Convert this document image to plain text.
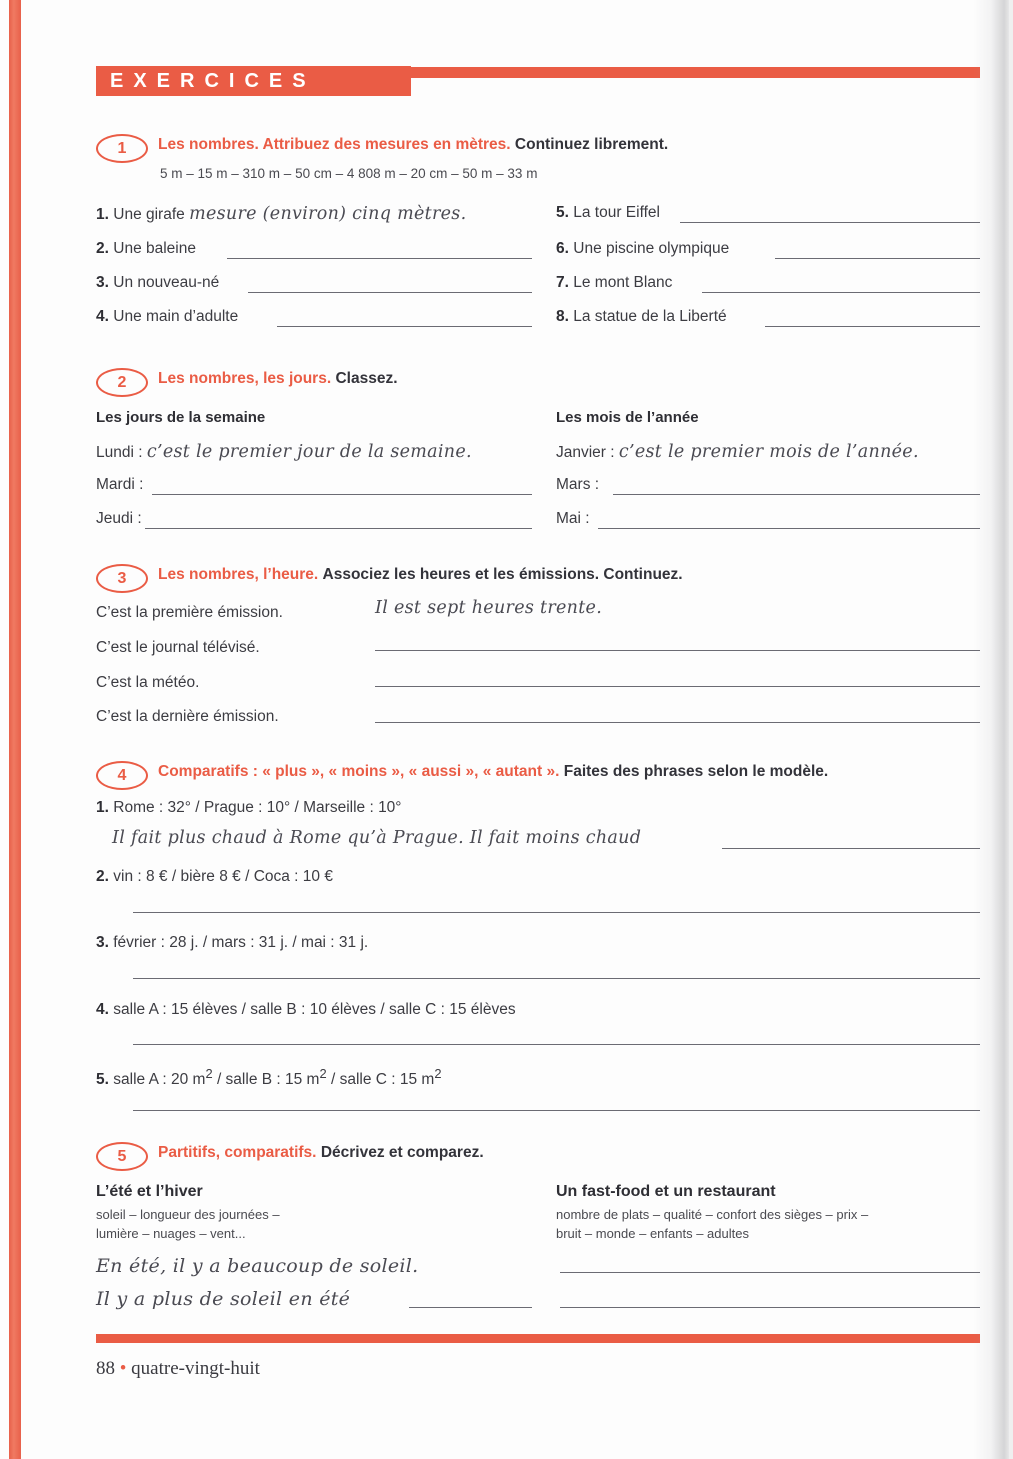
EXERCICES
1	Les nombres. Attribuez des mesures en mètres. Continuez librement.
5 m – 15 m – 310 m – 50 cm – 4 808 m – 20 cm – 50 m – 33 m
1. Une girafe mesure (environ) cinq mètres.
2. Une baleine
3. Un nouveau-né
4. Une main d’adulte
5. La tour Eiffel
6. Une piscine olympique
7. Le mont Blanc
8. La statue de la Liberté
2	Les nombres, les jours. Classez.
Les jours de la semaine	Les mois de l’année
Lundi : c’est le premier jour de la semaine.
Mardi :
Jeudi :
Janvier : c’est le premier mois de l’année.
Mars :
Mai :
3	Les nombres, l’heure. Associez les heures et les émissions. Continuez.
C’est la première émission.	Il est sept heures trente.
C’est le journal télévisé.
C’est la météo.
C’est la dernière émission.
4	Comparatifs : « plus », « moins », « aussi », « autant ». Faites des phrases selon le modèle.
1. Rome : 32° / Prague : 10° / Marseille : 10°
Il fait plus chaud à Rome qu’à Prague. Il fait moins chaud
2. vin : 8 € / bière 8 € / Coca : 10 €
3. février : 28 j. / mars : 31 j. / mai : 31 j.
4. salle A : 15 élèves / salle B : 10 élèves / salle C : 15 élèves
5. salle A : 20 $m^2$ / salle B : 15 $m^2$ / salle C : 15 $m^2$
5	Partitifs, comparatifs. Décrivez et comparez.
L’été et l’hiver
soleil – longueur des journées –
lumière – nuages – vent...
En été, il y a beaucoup de soleil.
Il y a plus de soleil en été
Un fast-food et un restaurant
nombre de plats – qualité – confort des sièges – prix –
bruit – monde – enfants – adultes
88 • quatre-vingt-huit
